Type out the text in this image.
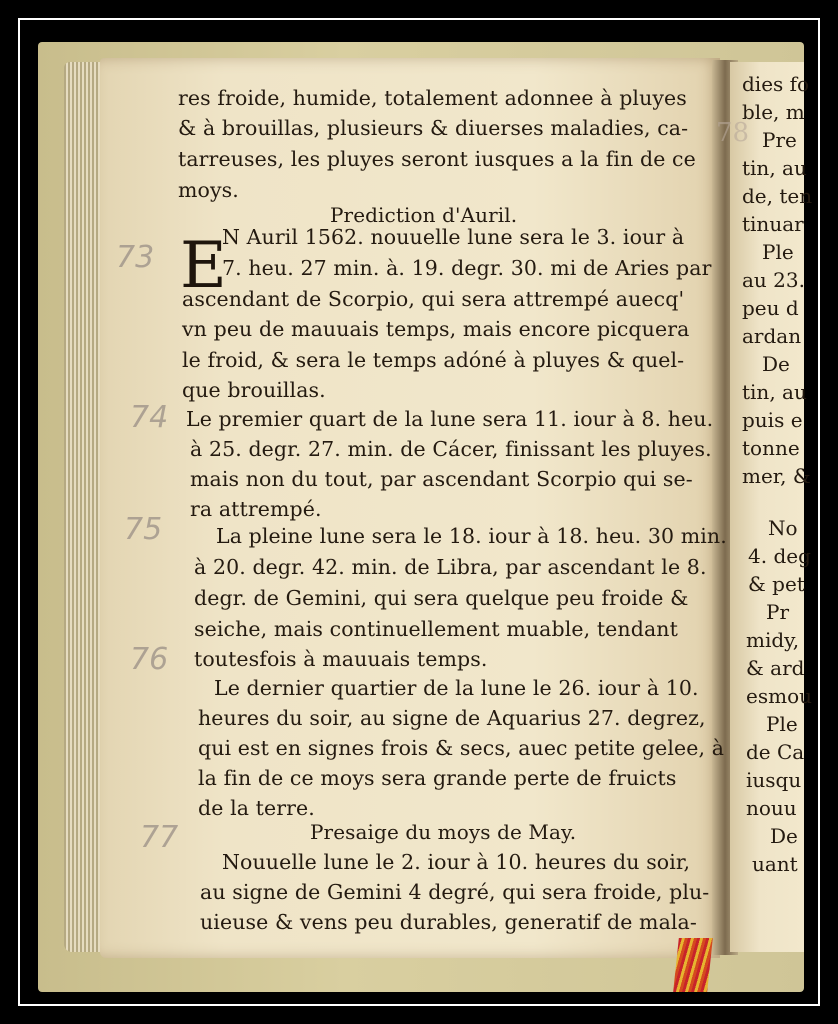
res froide, humide, totalement adonnee à pluyes
& à brouillas, plusieurs & diuerses maladies, ca-
tarreuses, les pluyes seront iusques a la fin de ce
moys.
Prediction d'Auril.
E
N Auril 1562. nouuelle lune sera le 3. iour à
7. heu. 27 min. à. 19. degr. 30. mi de Aries par
ascendant de Scorpio, qui sera attrempé auecq'
vn peu de mauuais temps, mais encore picquera
le froid, & sera le temps adóné à pluyes & quel-
que brouillas.
Le premier quart de la lune sera 11. iour à 8. heu.
à 25. degr. 27. min. de Cácer, finissant les pluyes.
mais non du tout, par ascendant Scorpio qui se-
ra attrempé.
La pleine lune sera le 18. iour à 18. heu. 30 min.
à 20. degr. 42. min. de Libra, par ascendant le 8.
degr. de Gemini, qui sera quelque peu froide &
seiche, mais continuellement muable, tendant
toutesfois à mauuais temps.
Le dernier quartier de la lune le 26. iour à 10.
heures du soir, au signe de Aquarius 27. degrez,
qui est en signes frois & secs, auec petite gelee, à
la fin de ce moys sera grande perte de fruicts
de la terre.
Presaige du moys de May.
Nouuelle lune le 2. iour à 10. heures du soir,
au signe de Gemini 4 degré, qui sera froide, plu-
uieuse & vens peu durables, generatif de mala-
73
74
75
76
77
78
dies fo
ble, m
Pre
tin, au
de, ten
tinuar
Ple
au 23.
peu d
ardan
De
tin, au
puis e
tonne
mer, &
No
4. deg
& pet
Pr
midy,
& ard
esmou
Ple
de Ca
iusqu
nouu
De
uant
